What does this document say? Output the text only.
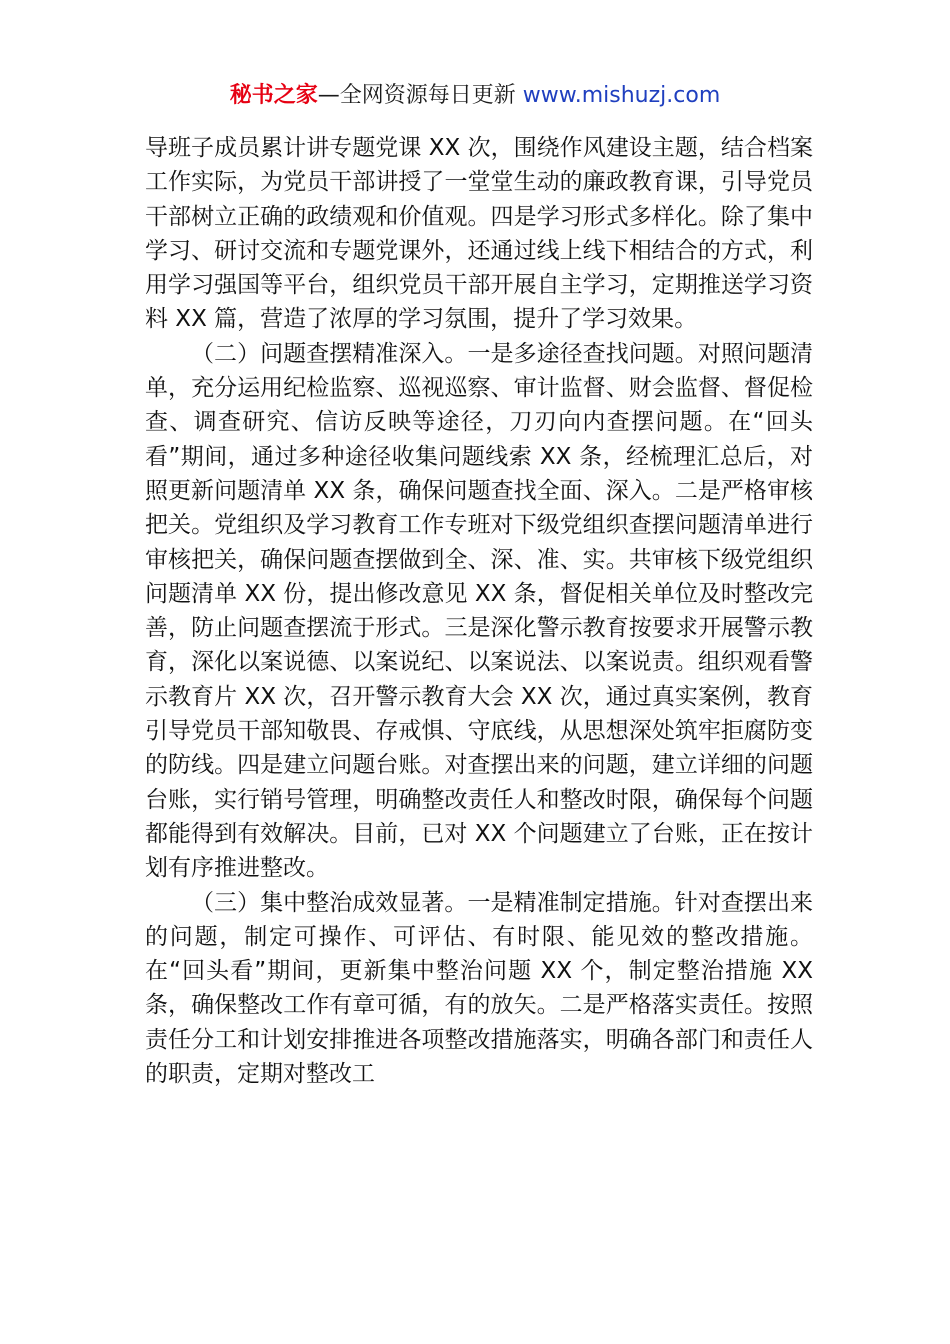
秘书之家—全网资源每日更新 www.mishuzj.com

导班子成员累计讲专题党课 XX 次，围绕作风建设主题，结合档案工作实际，为党员干部讲授了一堂堂生动的廉政教育课，引导党员干部树立正确的政绩观和价值观。四是学习形式多样化。除了集中学习、研讨交流和专题党课外，还通过线上线下相结合的方式，利用学习强国等平台，组织党员干部开展自主学习，定期推送学习资料 XX 篇，营造了浓厚的学习氛围，提升了学习效果。

（二）问题查摆精准深入。一是多途径查找问题。对照问题清单，充分运用纪检监察、巡视巡察、审计监督、财会监督、督促检查、调查研究、信访反映等途径，刀刃向内查摆问题。在“回头看”期间，通过多种途径收集问题线索 XX 条，经梳理汇总后，对照更新问题清单 XX 条，确保问题查找全面、深入。二是严格审核把关。党组织及学习教育工作专班对下级党组织查摆问题清单进行审核把关，确保问题查摆做到全、深、准、实。共审核下级党组织问题清单 XX 份，提出修改意见 XX 条，督促相关单位及时整改完善，防止问题查摆流于形式。三是深化警示教育按要求开展警示教育，深化以案说德、以案说纪、以案说法、以案说责。组织观看警示教育片 XX 次，召开警示教育大会 XX 次，通过真实案例，教育引导党员干部知敬畏、存戒惧、守底线，从思想深处筑牢拒腐防变的防线。四是建立问题台账。对查摆出来的问题，建立详细的问题台账，实行销号管理，明确整改责任人和整改时限，确保每个问题都能得到有效解决。目前，已对 XX 个问题建立了台账，正在按计划有序推进整改。

（三）集中整治成效显著。一是精准制定措施。针对查摆出来的问题，制定可操作、可评估、有时限、能见效的整改措施。在“回头看”期间，更新集中整治问题 XX 个，制定整治措施 XX 条，确保整改工作有章可循，有的放矢。二是严格落实责任。按照责任分工和计划安排推进各项整改措施落实，明确各部门和责任人的职责，定期对整改工
